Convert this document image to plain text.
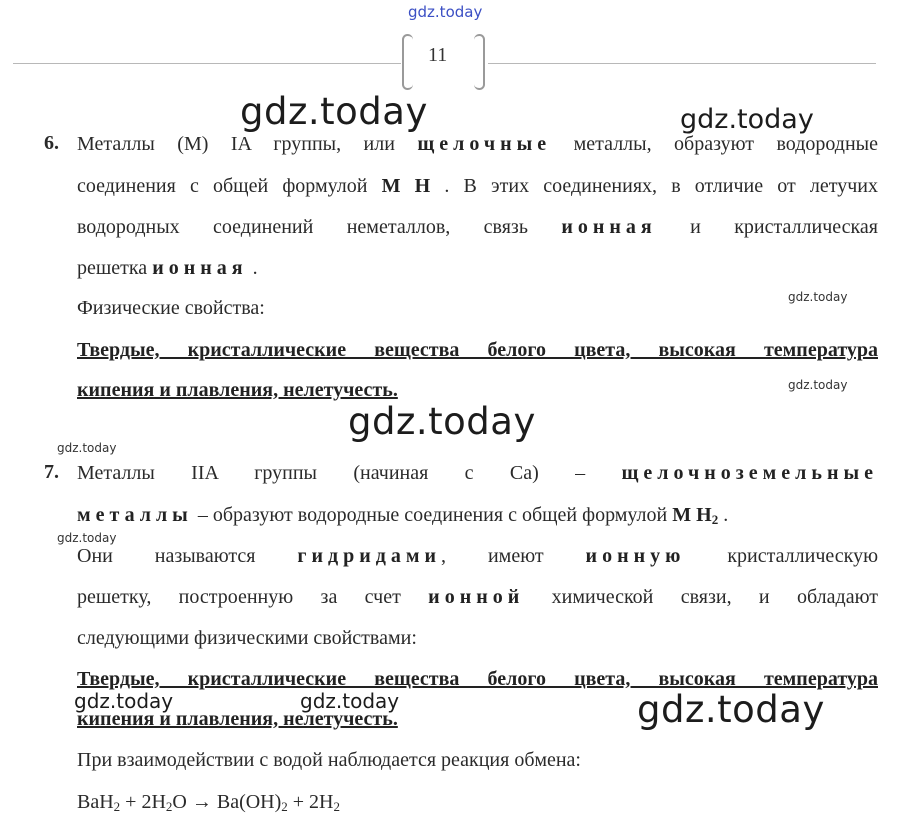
gdz.today
11
gdz.today	gdz.today
gdz.today
gdz.today
gdz.today
gdz.today
gdz.today
gdz.today	gdz.today	gdz.today
6. Металлы (М) IA группы, или щелочные металлы, образуют водородные
соединения с общей формулой М Н . В этих соединениях, в отличие от летучих
водородных соединений неметаллов, связь ионная и кристаллическая
решетка ионная .
Физические свойства:
Твердые, кристаллические вещества белого цвета, высокая температура
кипения и плавления, нелетучесть.
7. Металлы IIA группы (начиная с Ca) – щелочноземельные
металлы – образуют водородные соединения с общей формулой М $Н_2$ .
Они называются гидридами, имеют ионную кристаллическую
решетку, построенную за счет ионной химической связи, и обладают
следующими физическими свойствами:
Твердые, кристаллические вещества белого цвета, высокая температура
кипения и плавления, нелетучесть.
При взаимодействии с водой наблюдается реакция обмена:
$BaH_2 + 2H_2O \to Ba(OH)_2 + 2H_2$
